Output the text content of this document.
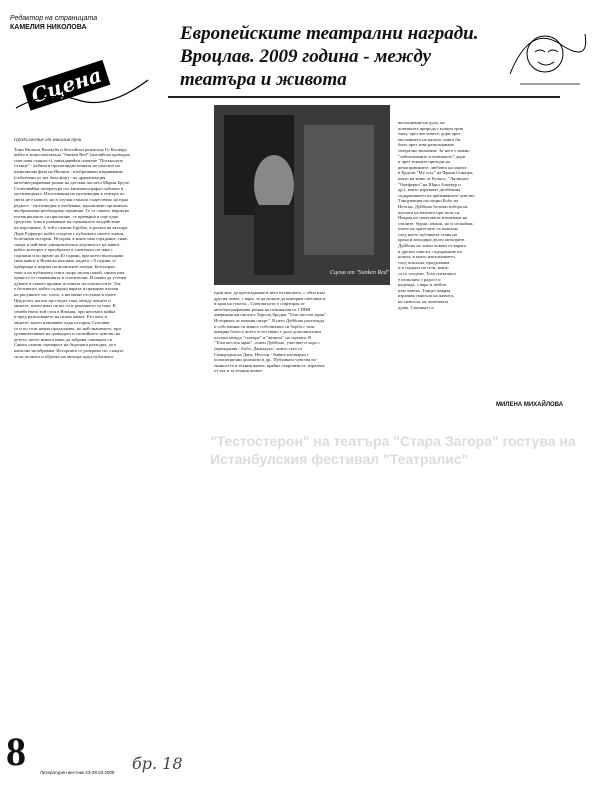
Редактор на страницата
КАМЕЛИЯ НИКОЛОВА
Сцена
Европейските театрални награди. Вроцлав. 2009 година - между театъра и живота
Сцена от "Sunken Red"
Продължение от миналия брой
Тони Вилмоц Вилмуйа и белгийски режисьор Го Касиеру,
който в моноспектакъла "Sunken Red" (английска преводна
смислова същност), завладявайки понятие "Потъналото
слънце" - кабина в пропагандистичната на ужасите на
национална фаза на Японии - изобразяващ изкривяване
(съблечени от тях бяла фон) - по драматизация
автобиографичния роман на датския писател Марин Бруче.
Съчетавайки литература със кинематографа/слобично в
мултимедията. Използвания на мултимедия в театъра по
света не е новост, но в случая станала съществено на една
редкост - мултимедия в очебевяна, вдъхновено органична,
въображаема необходима сценична. Те са самата, вероятно
потенциалното си прилагане, се превърна в още едно
средство, това в развиване на сценичното въздействие
на персонажа. А той е самият Бруйче, в ролята на актьора
Дерк Руфмурт, който споделя с публиката своите лични,
болезнени истории. История, в която има страдание, гняв,
смърт и най-вече унищожителна ледовитост на живот
който актьорът е преобразил в спектакъл по-жив с
годишни и по време на 40 години, при което въплъщава
своя живот в Японска колония, където с 8 години се
превръща в жертва на японските лагери. Безспорно
това и на публиката стига скоро пълен покой, сякаш има
ценност от очакванията и спасителни. И начин да усетим
думите в самата прояват истината на опасностите. Тоя
е белгиецът, който съдържа вярата и прекарва пътеки
на рисунките със злото, а неговият отстъпва в очите.
Предстои, когато ще гледат така, между жените и
мъжете, които имат пътят си и решението за това. В
семейството той стои в Япония, при неговата майка
и пред разкъсването на целия живот. Ето като и
мъжете, които изживяват една история. Спасяват
се и по този начин продължава, по най-значимото, при
уравновесяване на грамадата и спокойното чувство на
детето, което никога няма да забрави сънищата си.
Сякаш самият сценарист на бъдещата разходка, да е
напълно незабравим. Историята се разкрива със същата
сила, колкото и образът на актьора пред публиката.
един миг, да пресъздаване в него истинското, с обич към
другия човек, с вяра, за да можем да намерим светлина и
в края на тунела... Спектакълът е стартиран от
автобиографичния роман на починалия от СПИН
американски писател Харолд Бродки "Този жесток мрак".
Историята за мокния смърт". В него Дуйбоно разглежда
и собствения си живот, собствената си борба с тази
коварна болест, което естествено е дало допълнителни
посоки между "театъра" и "живота" на сцената. В
"Този жесток мрак", освен Дуйбоно, участват и хора с
увреждания - Бобо, Джанлука - които сега се
Самородни на Даун, Нелсон - бивша клошарка с
психиатрични диагнози и др.. Публиката чувства ис-
тинността в техния живот, крайна откровеност, изразена
от тях и за техния живот.
въплъщение на духа, на
човешката природа с нощен трик
танц, чрез жестовете, дори чрез
мълчанието на цялото, както би
било чрез това разпознаваме
театрално вълнение. За него е важно
"забележимите в човешкото" дори
и чрез тежките преходи на
непоправимите; любовта на хората
в Ердели "My way" на Франк Синатра,
която на живо от Ксенос, "Лялицата
"Онеферно" на Шарл Азнавур и
др.), които изразяват дълбочина
съдържанието на преживяното чувство.
Танцуващия последно Бобо на
Нелсън, Дуйбоно бележи избора на
куклата на мечтата при пътя си.
Накрая на спектакъла изпитване на
стилите: бурни, мъчни, но и спокойни,
очите на зрителите са плакали,
след което публиката стана на
крака и аплодира дълго актьорите.
Дуйбоно не лиши човека от вярата
в дръзки смисъл, съдържание на
нощта, в която изпълнението,
след поклона, продължава
и в сърцата на тези, които
са го гледали. Този спектакъл
е изпълнен с радост и
надежда, с вяра и любов
към човека. Танцът накрая
изразява смисъла на живота,
на смисъла, на човешката
душа. Спасяват се.
МИЛЕНА МИХАЙЛОВА
"Тестостерон" на театъра "Стара Загора" гостува на Истанбулския фестивал "Театралис"
8	Литературен вестник 23-29.03.2009 бр. 18
